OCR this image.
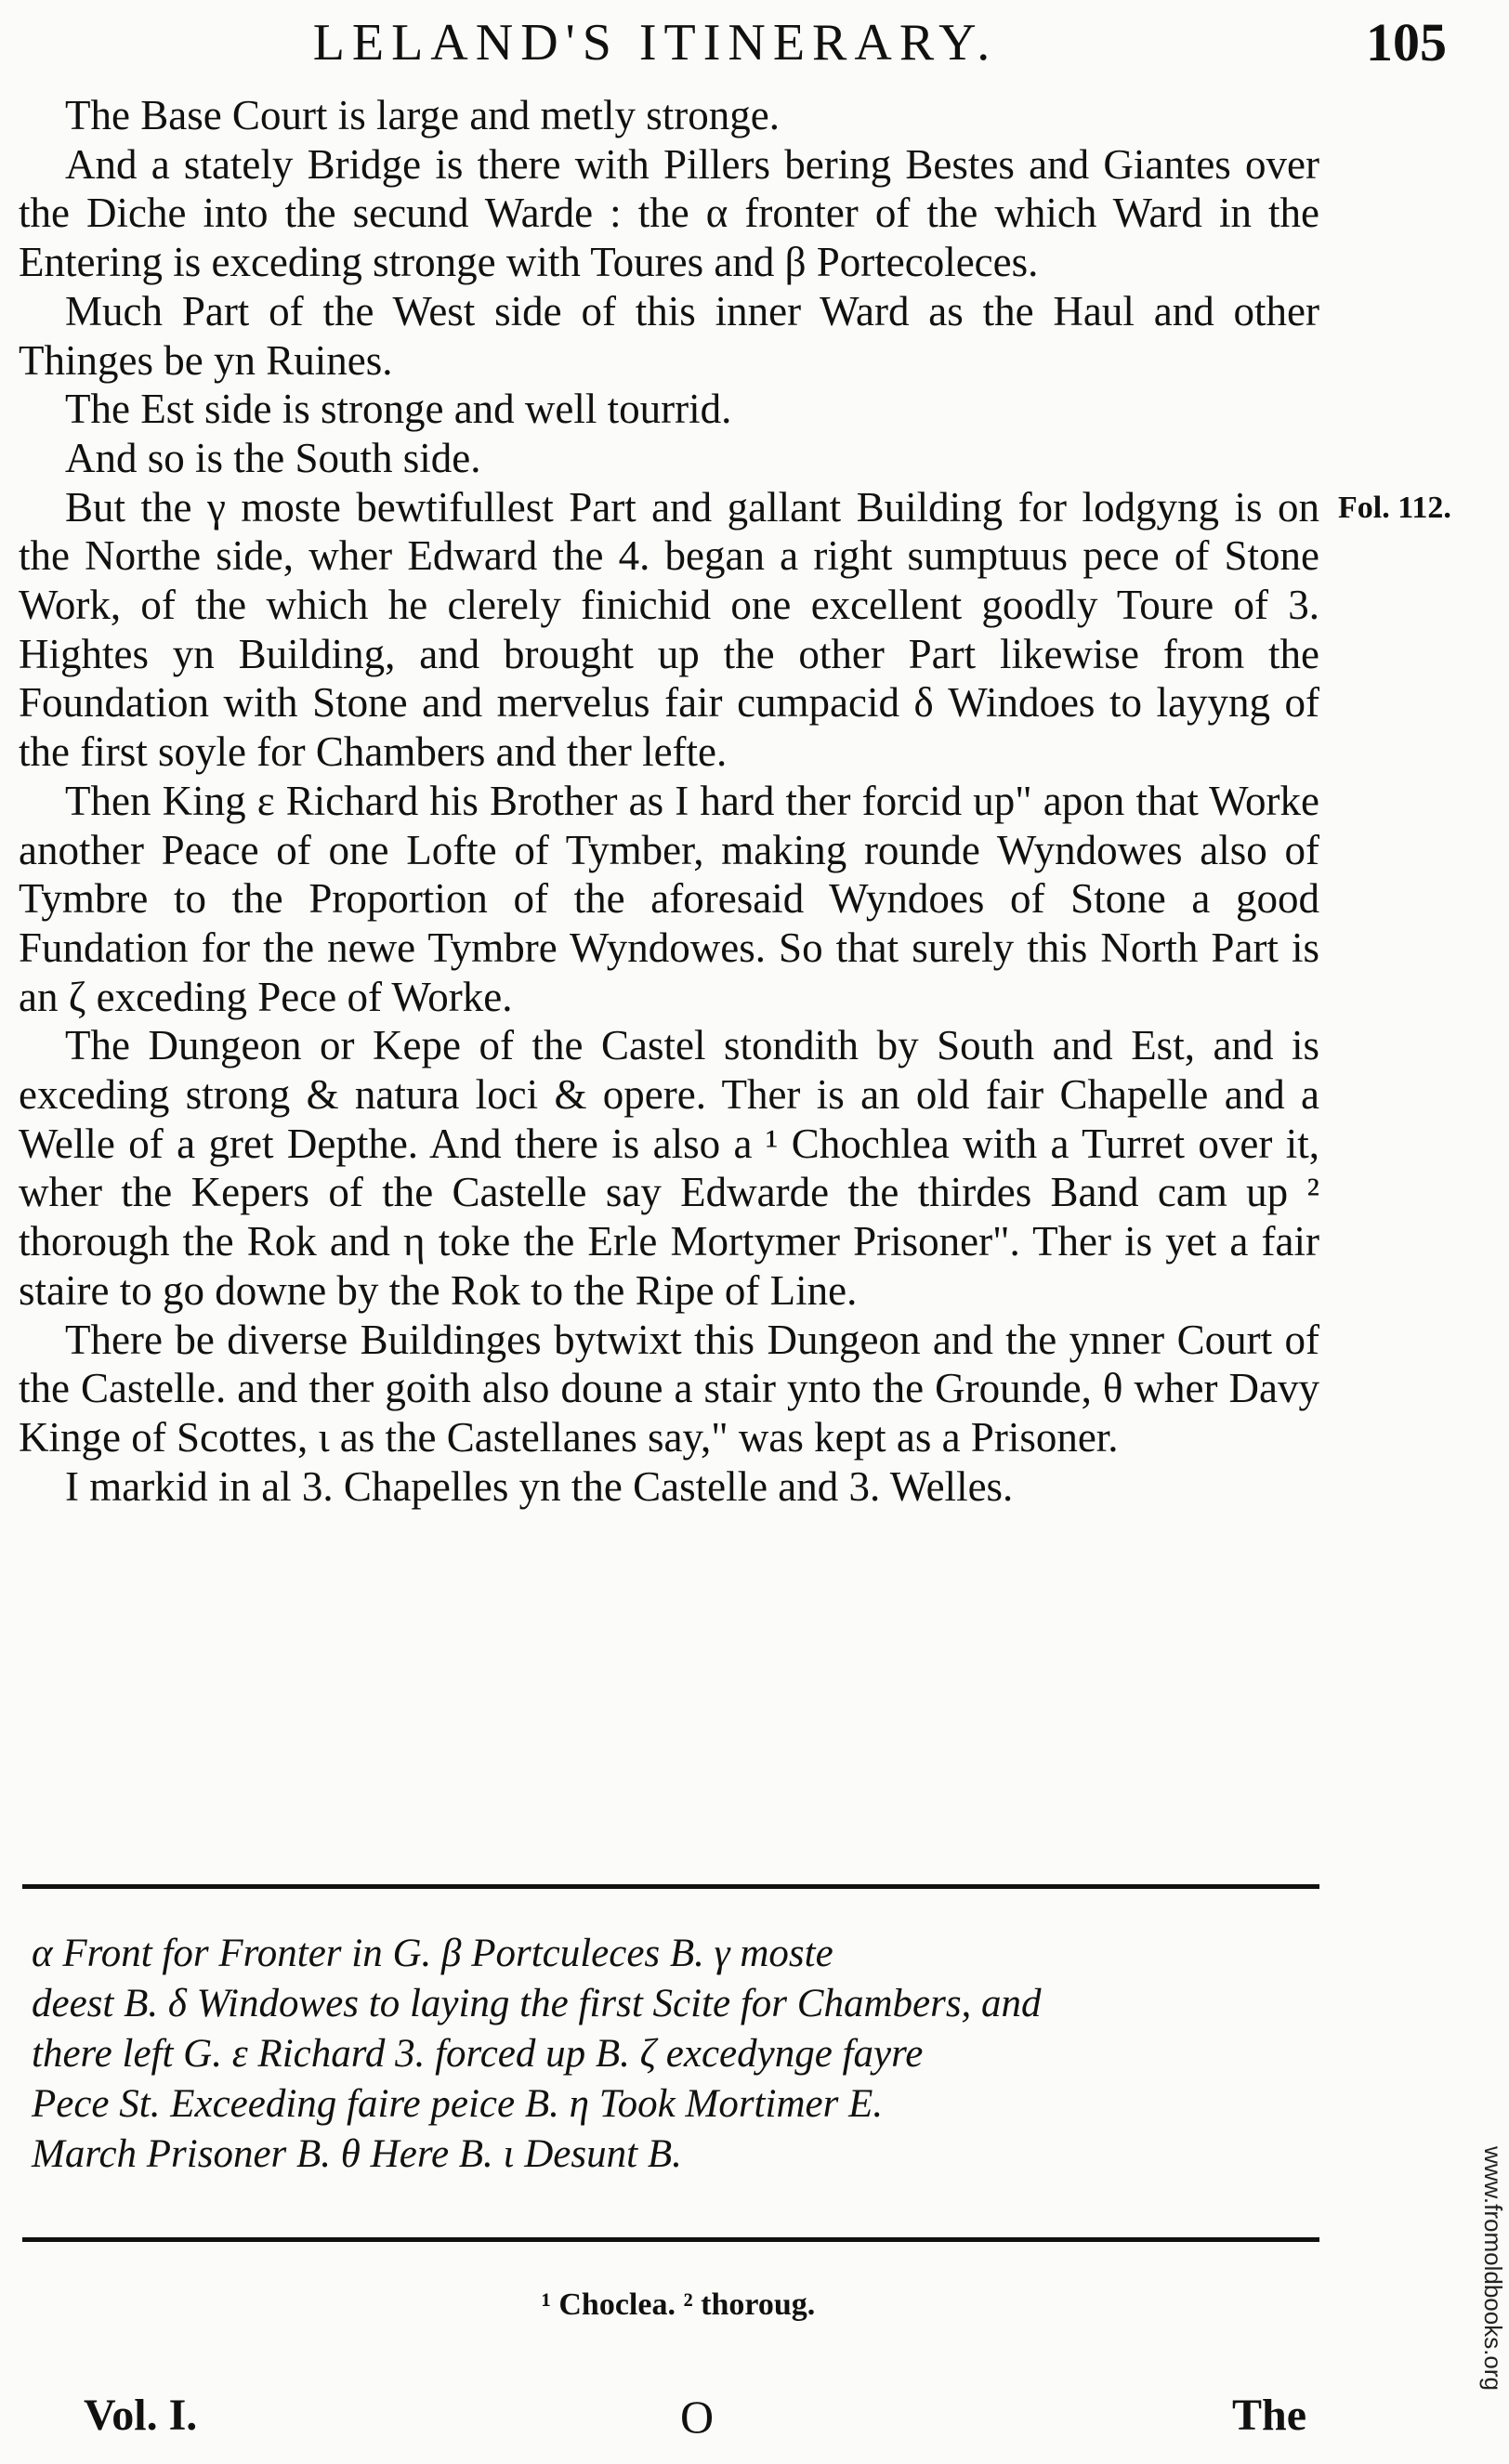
LELAND'S ITINERARY.	105
Fol. 112.

The Base Court is large and metly stronge.

And a stately Bridge is there with Pillers bering Bestes and Giantes over the Diche into the secund Warde : the α fronter of the which Ward in the Entering is exceding stronge with Toures and β Portecoleces.

Much Part of the West side of this inner Ward as the Haul and other Thinges be yn Ruines.

The Est side is stronge and well tourrid.

And so is the South side.

But the γ moste bewtifullest Part and gallant Building for lodgyng is on the Northe side, wher Edward the 4. began a right sumptuus pece of Stone Work, of the which he clerely finichid one excellent goodly Toure of 3. Hightes yn Building, and brought up the other Part likewise from the Foundation with Stone and mervelus fair cumpacid δ Windoes to layyng of the first soyle for Chambers and ther lefte.

Then King ε Richard his Brother as I hard ther forcid up" apon that Worke another Peace of one Lofte of Tymber, making rounde Wyndowes also of Tymbre to the Proportion of the aforesaid Wyndoes of Stone a good Fundation for the newe Tymbre Wyndowes. So that surely this North Part is an ζ exceding Pece of Worke.

The Dungeon or Kepe of the Castel stondith by South and Est, and is exceding strong & natura loci & opere. Ther is an old fair Chapelle and a Welle of a gret Depthe. And there is also a ¹ Chochlea with a Turret over it, wher the Kepers of the Castelle say Edwarde the thirdes Band cam up ² thorough the Rok and η toke the Erle Mortymer Prisoner". Ther is yet a fair staire to go downe by the Rok to the Ripe of Line.

There be diverse Buildinges bytwixt this Dungeon and the ynner Court of the Castelle. and ther goith also doune a stair ynto the Grounde, θ wher Davy Kinge of Scottes, ι as the Castellanes say," was kept as a Prisoner.

I markid in al 3. Chapelles yn the Castelle and 3. Welles.

α Front for Fronter in G. β Portculeces B. γ moste

deest B. δ Windowes to laying the first Scite for Chambers, and

there left G. ε Richard 3. forced up B. ζ excedynge fayre

Pece St. Exceeding faire peice B. η Took Mortimer E.

March Prisoner B. θ Here B. ι Desunt B.

¹ Choclea. ² thoroug.
Vol. I.	O	The
www.fromoldbooks.org
